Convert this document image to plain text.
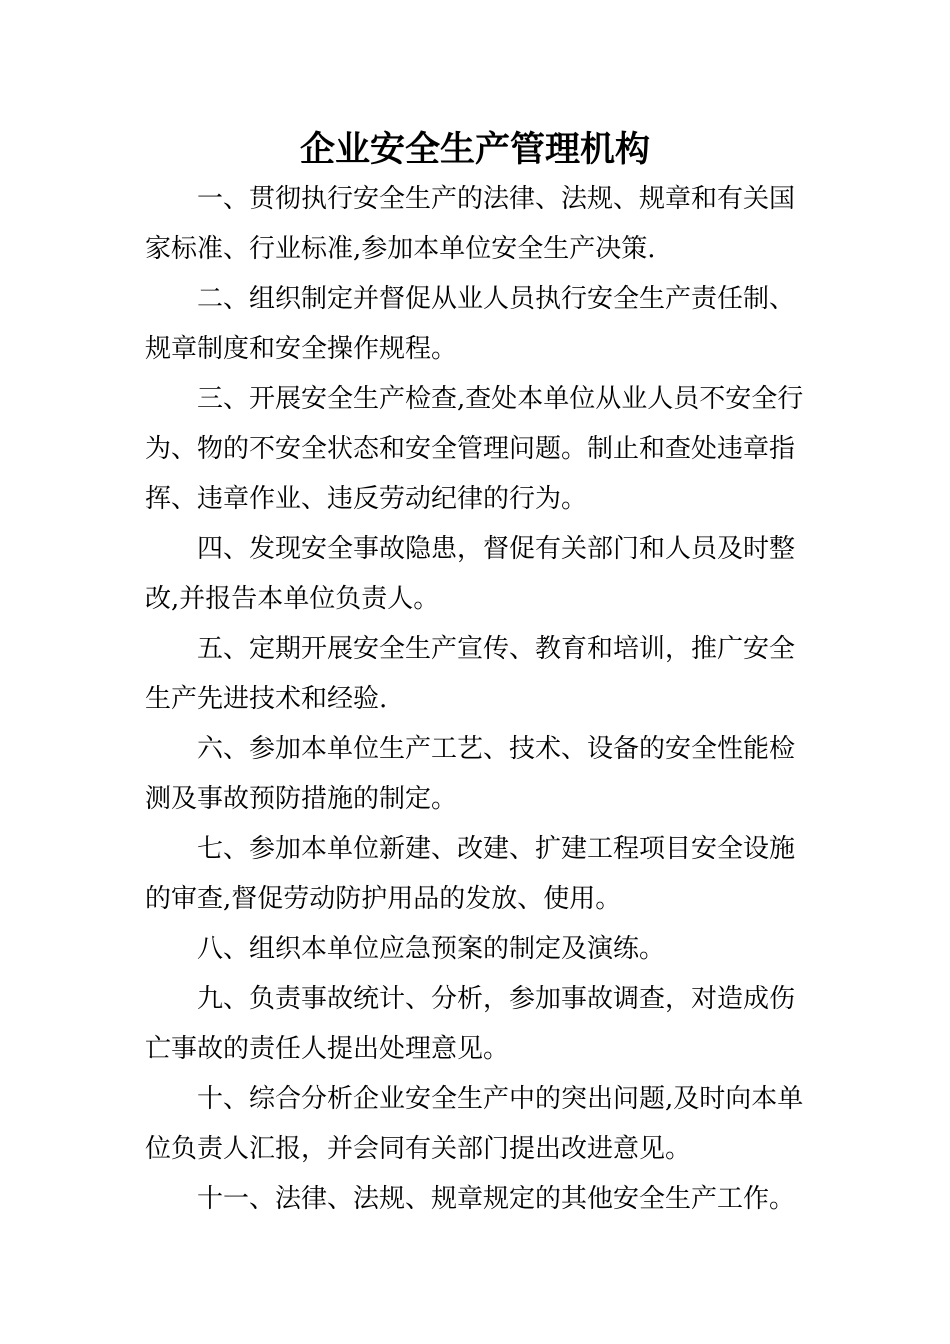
企业安全生产管理机构

一、贯彻执行安全生产的法律、法规、规章和有关国家标准、行业标准,参加本单位安全生产决策.

二、组织制定并督促从业人员执行安全生产责任制、规章制度和安全操作规程。

三、开展安全生产检查,查处本单位从业人员不安全行为、物的不安全状态和安全管理问题。制止和查处违章指挥、违章作业、违反劳动纪律的行为。

四、发现安全事故隐患，督促有关部门和人员及时整改,并报告本单位负责人。

五、定期开展安全生产宣传、教育和培训，推广安全生产先进技术和经验.

六、参加本单位生产工艺、技术、设备的安全性能检测及事故预防措施的制定。

七、参加本单位新建、改建、扩建工程项目安全设施的审查,督促劳动防护用品的发放、使用。

八、组织本单位应急预案的制定及演练。

九、负责事故统计、分析，参加事故调查，对造成伤亡事故的责任人提出处理意见。

十、综合分析企业安全生产中的突出问题,及时向本单位负责人汇报，并会同有关部门提出改进意见。

十一、法律、法规、规章规定的其他安全生产工作。
